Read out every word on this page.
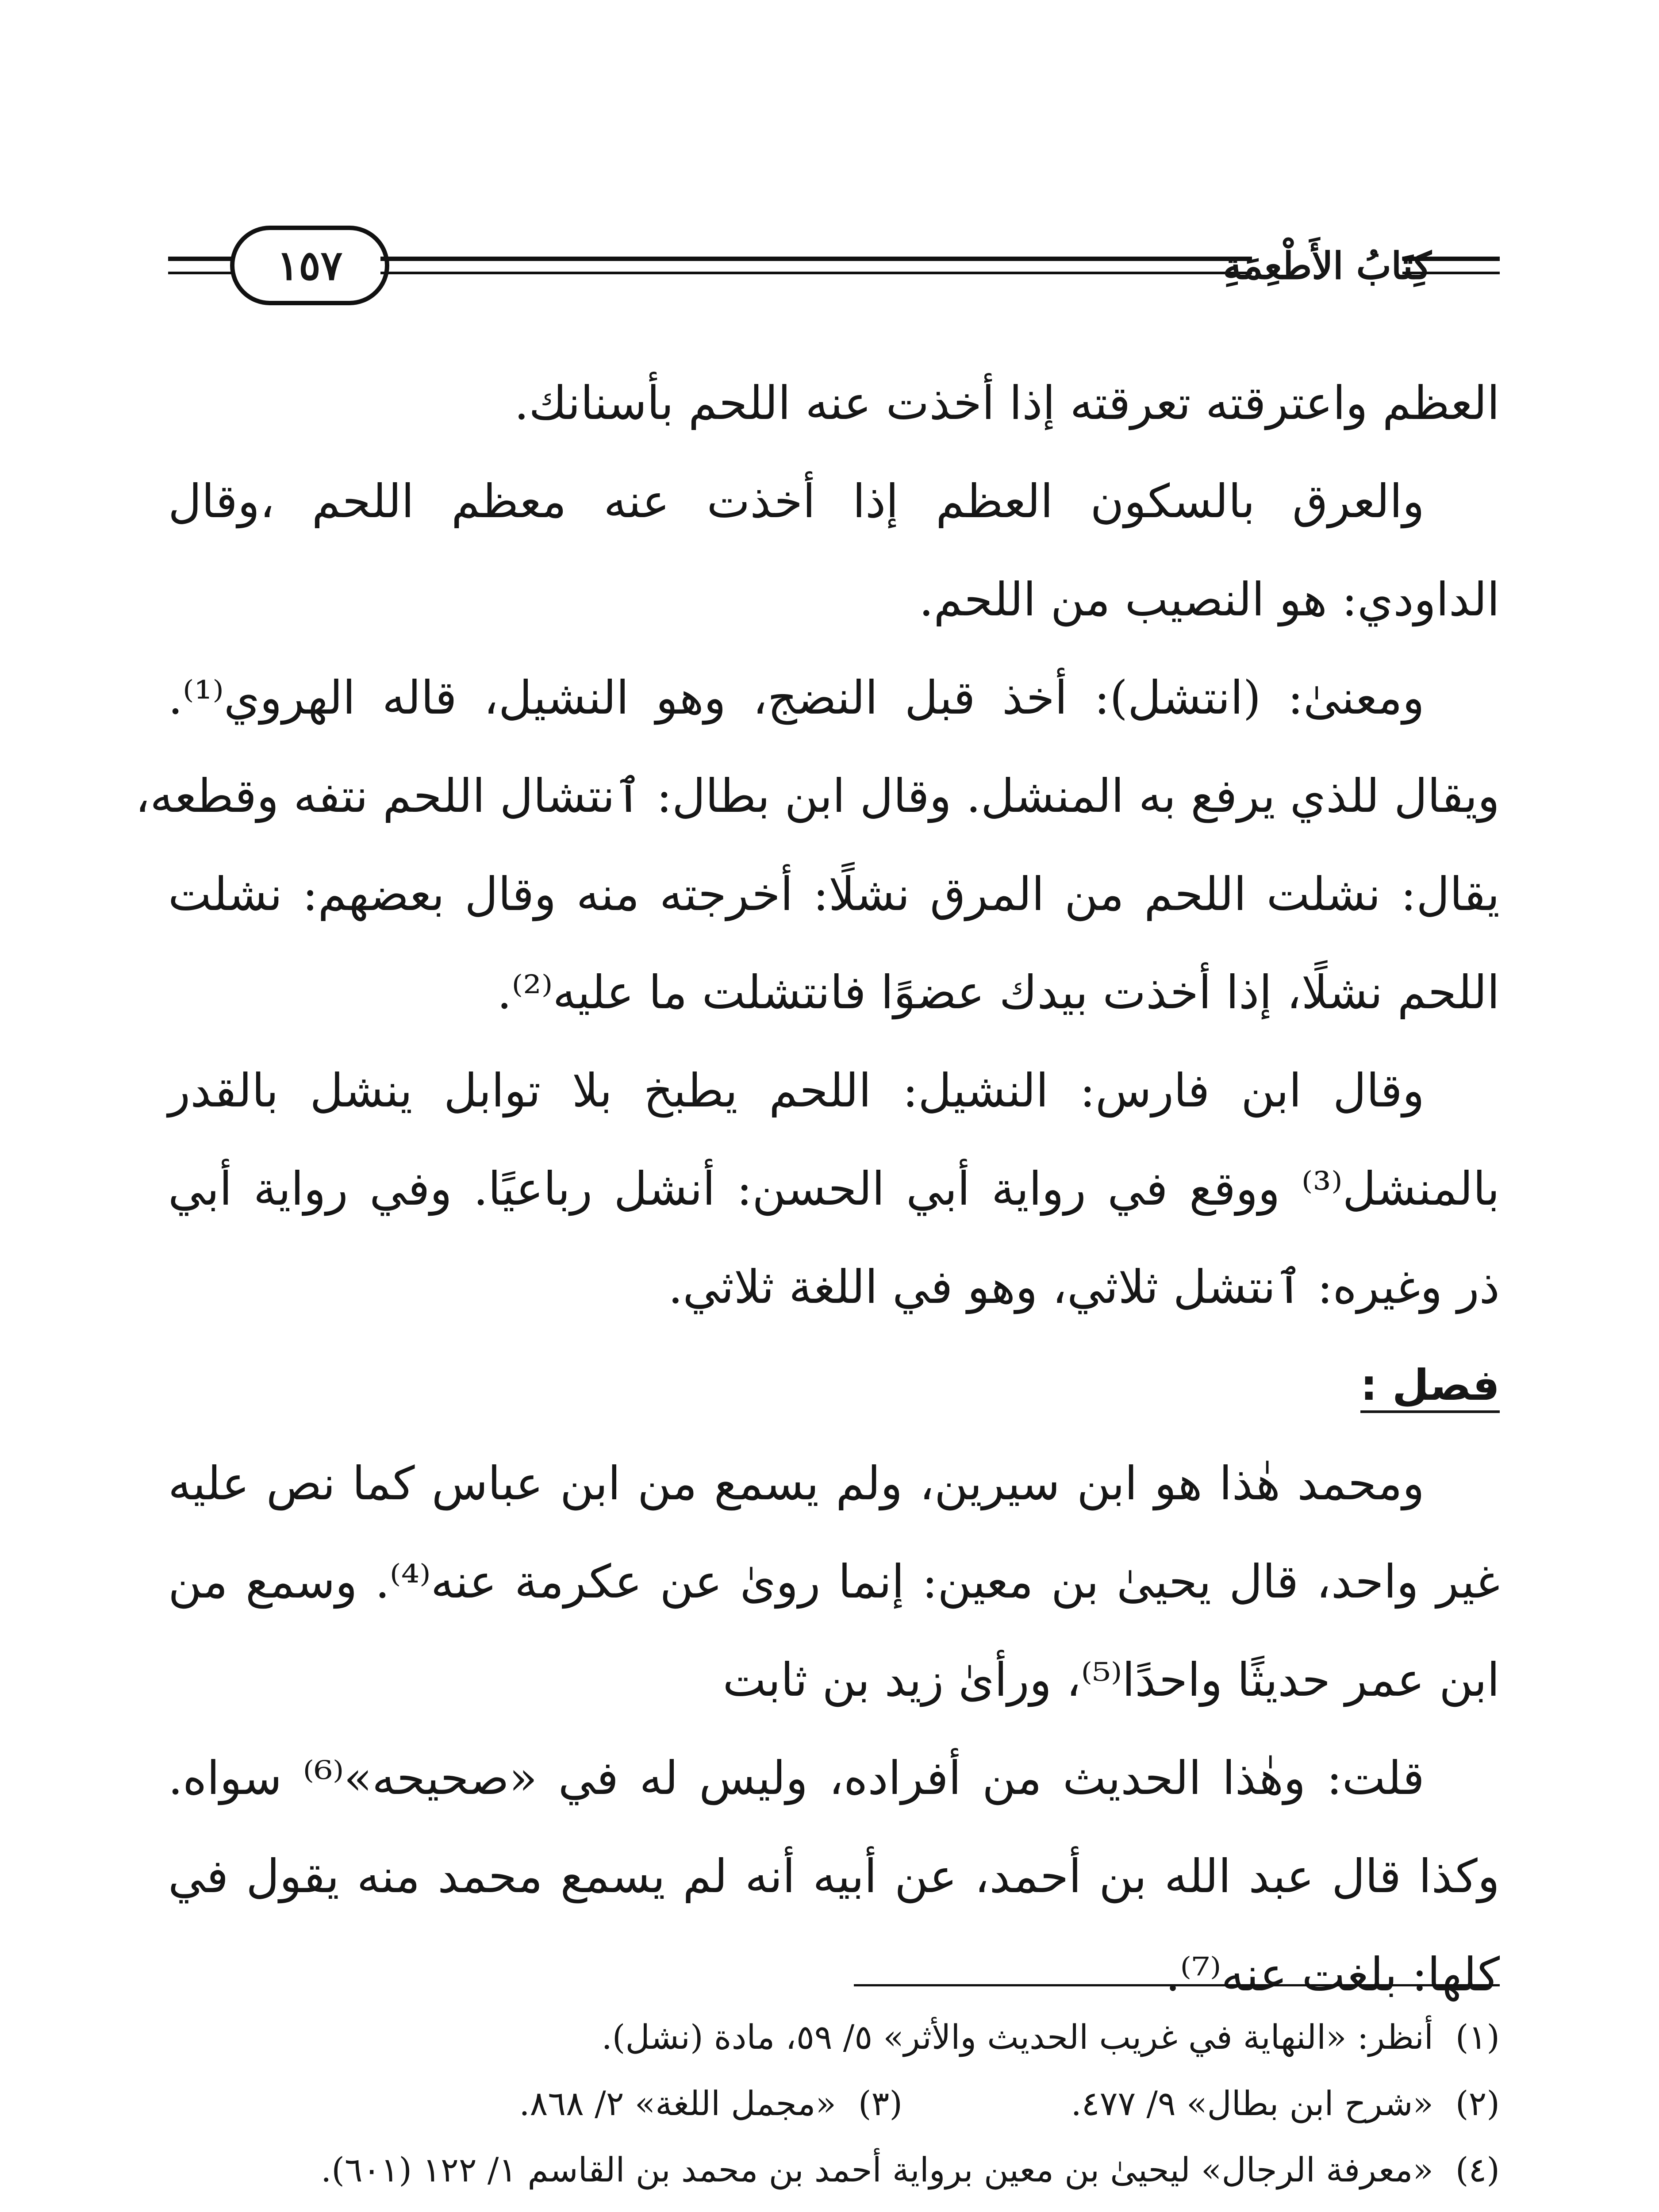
١٥٧	كِتَابُ الأَطْعِمَةِ
العظم واعترقته تعرقته إذا أخذت عنه اللحم بأسنانك.
والعرق بالسكون العظم إذا أخذت عنه معظم اللحم ،وقال
الداودي: هو النصيب من اللحم.
ومعنىٰ: (انتشل): أخذ قبل النضج، وهو النشيل، قاله الهروي⁽¹⁾.
ويقال للذي يرفع به المنشل. وقال ابن بطال: ٱنتشال اللحم نتفه وقطعه،
يقال: نشلت اللحم من المرق نشلًا: أخرجته منه وقال بعضهم: نشلت
اللحم نشلًا، إذا أخذت بيدك عضوًا فانتشلت ما عليه⁽²⁾.
وقال ابن فارس: النشيل: اللحم يطبخ بلا توابل ينشل بالقدر
بالمنشل⁽³⁾ ووقع في رواية أبي الحسن: أنشل رباعيًا. وفي رواية أبي
ذر وغيره: ٱنتشل ثلاثي، وهو في اللغة ثلاثي.
فصل :
ومحمد هٰذا هو ابن سيرين، ولم يسمع من ابن عباس كما نص عليه
غير واحد، قال يحيىٰ بن معين: إنما روىٰ عن عكرمة عنه⁽⁴⁾. وسمع من
ابن عمر حديثًا واحدًا⁽⁵⁾، ورأىٰ زيد بن ثابت
قلت: وهٰذا الحديث من أفراده، وليس له في «صحيحه»⁽⁶⁾ سواه.
وكذا قال عبد الله بن أحمد، عن أبيه أنه لم يسمع محمد منه يقول في
كلها: بلغت عنه⁽⁷⁾.
(١)
أنظر: «النهاية في غريب الحديث والأثر» ٥/ ٥٩، مادة (نشل).
(٢)
«شرح ابن بطال» ٩/ ٤٧٧.
(٣)
«مجمل اللغة» ٢/ ٨٦٨.
(٤)
«معرفة الرجال» ليحيىٰ بن معين برواية أحمد بن محمد بن القاسم ١/ ١٢٢ (٦٠١).
